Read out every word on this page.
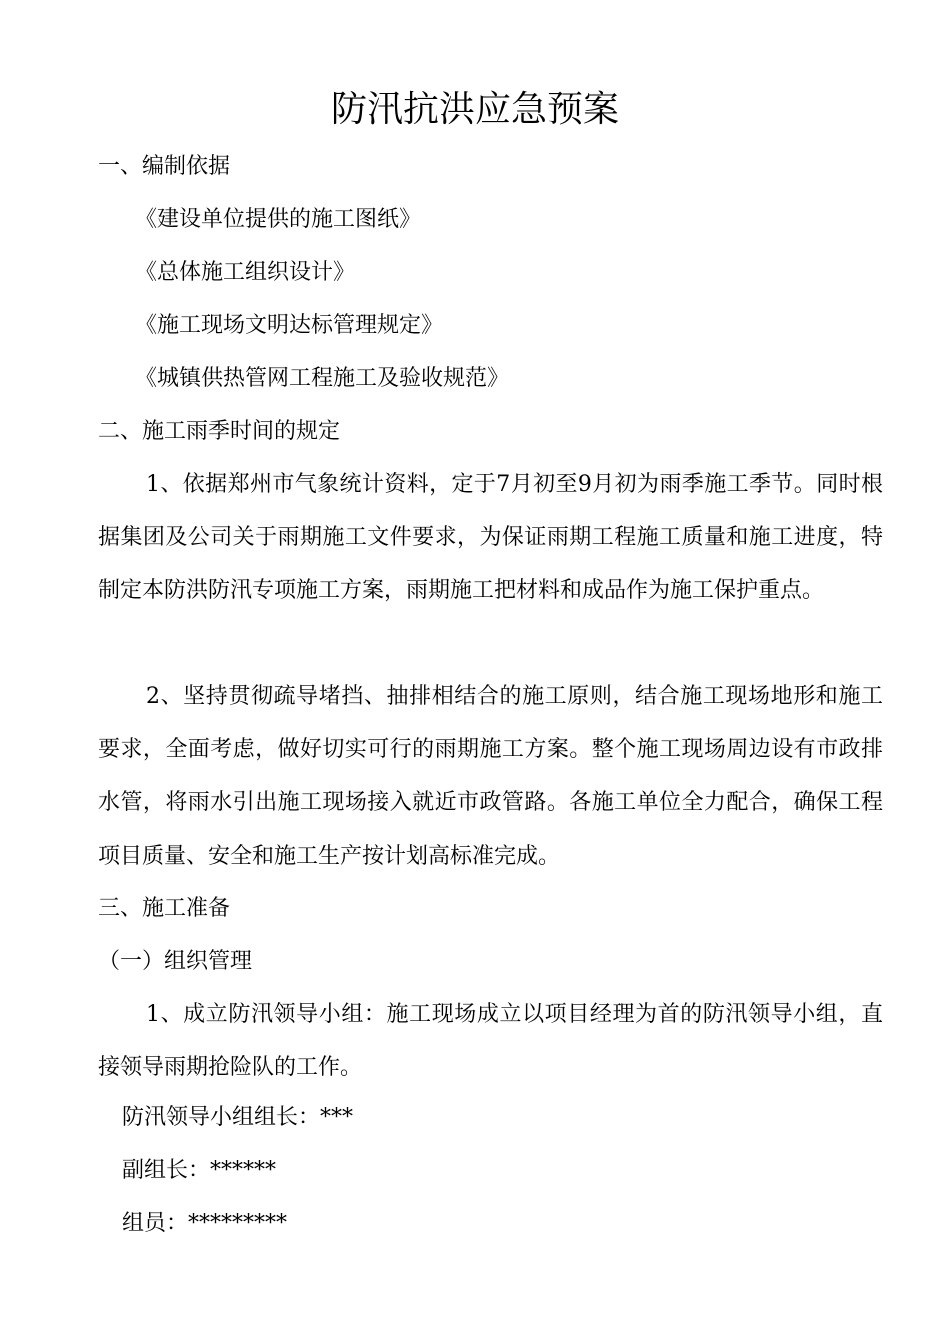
防汛抗洪应急预案
一、编制依据
《建设单位提供的施工图纸》
《总体施工组织设计》
《施工现场文明达标管理规定》
《城镇供热管网工程施工及验收规范》
二、施工雨季时间的规定
1、依据郑州市气象统计资料，定于7月初至9月初为雨季施工季节。同时根据集团及公司关于雨期施工文件要求，为保证雨期工程施工质量和施工进度，特制定本防洪防汛专项施工方案，雨期施工把材料和成品作为施工保护重点。
2、坚持贯彻疏导堵挡、抽排相结合的施工原则，结合施工现场地形和施工要求，全面考虑，做好切实可行的雨期施工方案。整个施工现场周边设有市政排水管，将雨水引出施工现场接入就近市政管路。各施工单位全力配合，确保工程项目质量、安全和施工生产按计划高标准完成。
三、施工准备
（一）组织管理
1、成立防汛领导小组：施工现场成立以项目经理为首的防汛领导小组，直接领导雨期抢险队的工作。
防汛领导小组组长：***
副组长：******
组员：*********
